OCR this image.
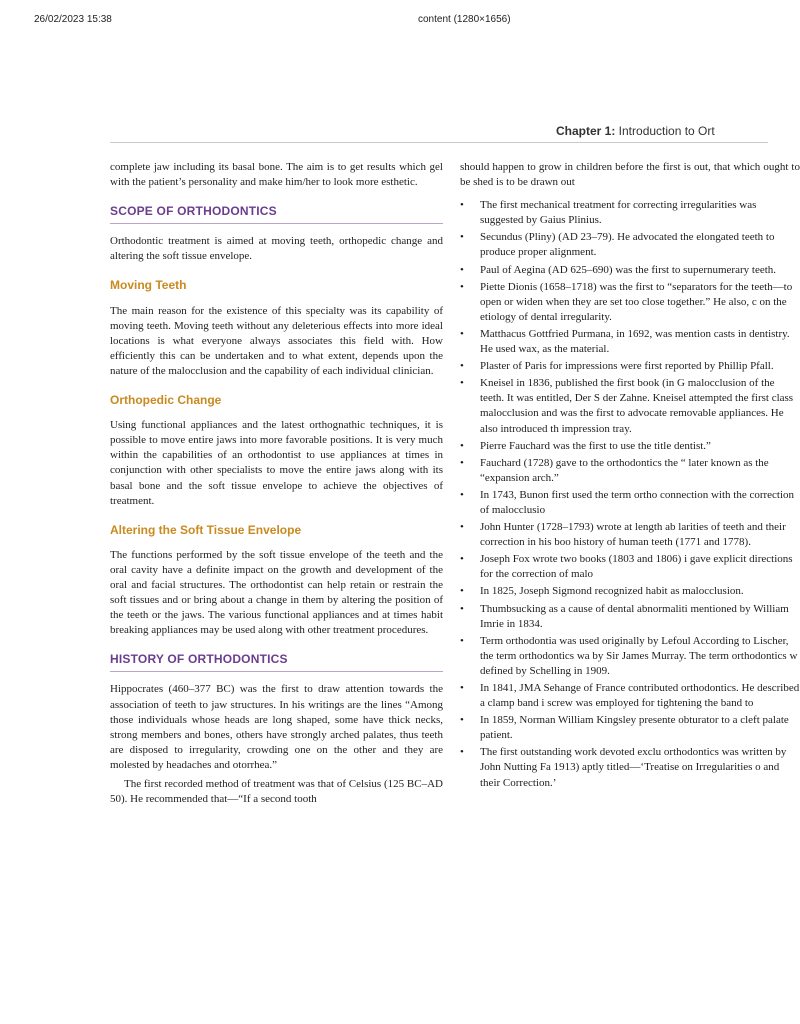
26/02/2023 15:38	content (1280×1656)
Chapter 1: Introduction to Ort

complete jaw including its basal bone. The aim is to get results which gel with the patient’s personality and make him/her to look more esthetic.

SCOPE OF ORTHODONTICS

Orthodontic treatment is aimed at moving teeth, orthopedic change and altering the soft tissue envelope.

Moving Teeth

The main reason for the existence of this specialty was its capability of moving teeth. Moving teeth without any deleterious effects into more ideal locations is what everyone always associates this field with. How efficiently this can be undertaken and to what extent, depends upon the nature of the malocclusion and the capability of each individual clinician.

Orthopedic Change

Using functional appliances and the latest orthognathic techniques, it is possible to move entire jaws into more favorable positions. It is very much within the capabilities of an orthodontist to use appliances at times in conjunction with other specialists to move the entire jaws along with its basal bone and the soft tissue envelope to achieve the objectives of treatment.

Altering the Soft Tissue Envelope

The functions performed by the soft tissue envelope of the teeth and the oral cavity have a definite impact on the growth and development of the oral and facial structures. The orthodontist can help retain or restrain the soft tissues and or bring about a change in them by altering the position of the teeth or the jaws. The various functional appliances and at times habit breaking appliances may be used along with other treatment procedures.

HISTORY OF ORTHODONTICS

Hippocrates (460–377 BC) was the first to draw attention towards the association of teeth to jaw structures. In his writings are the lines “Among those individuals whose heads are long shaped, some have thick necks, strong members and bones, others have strongly arched palates, thus teeth are disposed to irregularity, crowding one on the other and they are molested by headaches and otorrhea.”

The first recorded method of treatment was that of Celsius (125 BC–AD 50). He recommended that—“If a second tooth

should happen to grow in children before the first is out, that which ought to be shed is to be drawn out

• The first mechanical treatment for correcting irregularities was suggested by Gaius Plinius.
• Secundus (Pliny) (AD 23–79). He advocated the elongated teeth to produce proper alignment.
• Paul of Aegina (AD 625–690) was the first to supernumerary teeth.
• Piette Dionis (1658–1718) was the first to “separators for the teeth—to open or widen when they are set too close together.” He also, c on the etiology of dental irregularity.
• Matthacus Gottfried Purmana, in 1692, was mention casts in dentistry. He used wax, as the material.
• Plaster of Paris for impressions were first reported by Phillip Pfall.
• Kneisel in 1836, published the first book (in G malocclusion of the teeth. It was entitled, Der S der Zahne. Kneisel attempted the first class malocclusion and was the first to advocate removable appliances. He also introduced th impression tray.
• Pierre Fauchard was the first to use the title dentist.”
• Fauchard (1728) gave to the orthodontics the “ later known as the “expansion arch.”
• In 1743, Bunon first used the term ortho connection with the correction of malocclusio
• John Hunter (1728–1793) wrote at length ab larities of teeth and their correction in his boo history of human teeth (1771 and 1778).
• Joseph Fox wrote two books (1803 and 1806) i gave explicit directions for the correction of malo
• In 1825, Joseph Sigmond recognized habit as malocclusion.
• Thumbsucking as a cause of dental abnormaliti mentioned by William Imrie in 1834.
• Term orthodontia was used originally by Lefoul According to Lischer, the term orthodontics wa by Sir James Murray. The term orthodontics w defined by Schelling in 1909.
• In 1841, JMA Sehange of France contributed orthodontics. He described a clamp band i screw was employed for tightening the band to
• In 1859, Norman William Kingsley presente obturator to a cleft palate patient.
• The first outstanding work devoted exclu orthodontics was written by John Nutting Fa 1913) aptly titled—‘Treatise on Irregularities o and their Correction.’
